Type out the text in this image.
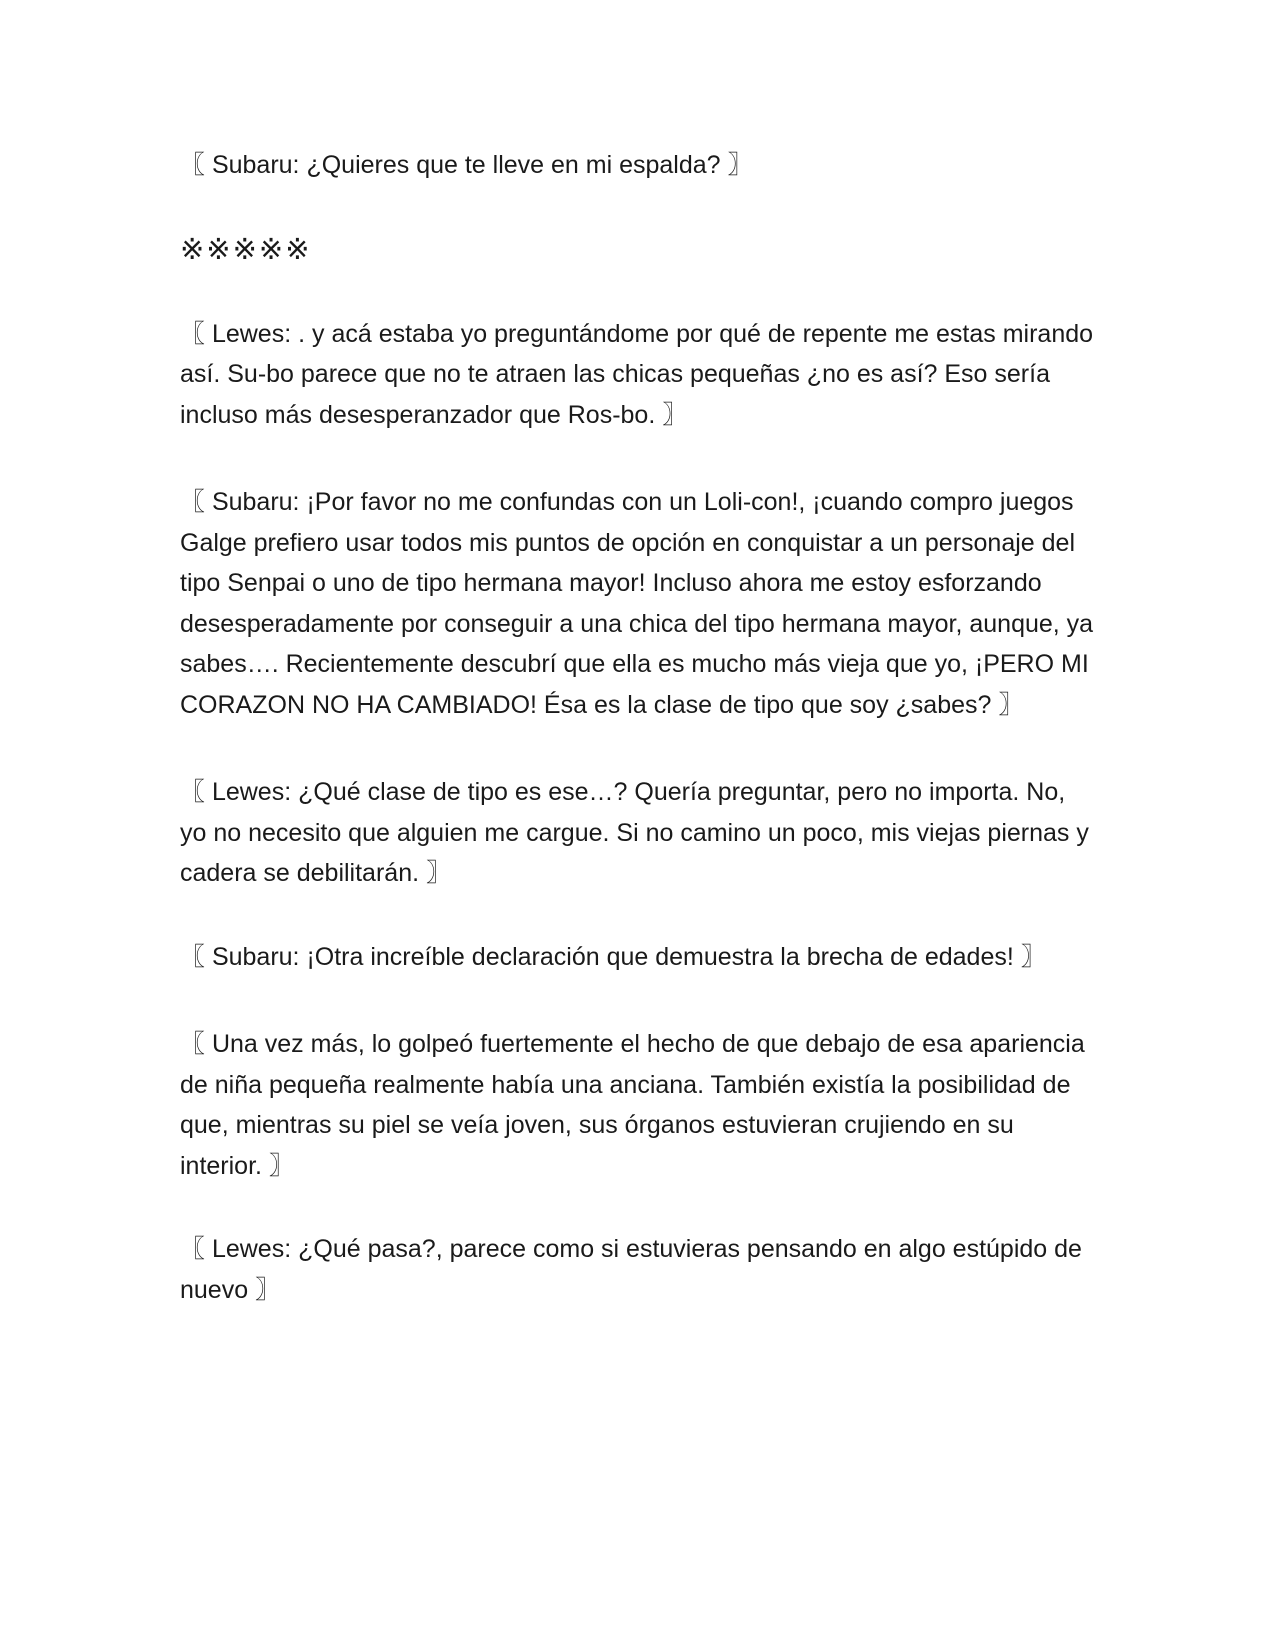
〖 Subaru: ¿Quieres que te lleve en mi espalda? 〗

※※※※※

〖 Lewes: . y acá estaba yo preguntándome por qué de repente me estas mirando así. Su-bo parece que no te atraen las chicas pequeñas ¿no es así? Eso sería incluso más desesperanzador que Ros-bo. 〗

〖 Subaru: ¡Por favor no me confundas con un Loli-con!, ¡cuando compro juegos Galge prefiero usar todos mis puntos de opción en conquistar a un personaje del tipo Senpai o uno de tipo hermana mayor! Incluso ahora me estoy esforzando desesperadamente por conseguir a una chica del tipo hermana mayor, aunque, ya sabes…. Recientemente descubrí que ella es mucho más vieja que yo, ¡PERO MI CORAZON NO HA CAMBIADO! Ésa es la clase de tipo que soy ¿sabes? 〗

〖 Lewes: ¿Qué clase de tipo es ese…? Quería preguntar, pero no importa. No, yo no necesito que alguien me cargue. Si no camino un poco, mis viejas piernas y cadera se debilitarán. 〗

〖 Subaru: ¡Otra increíble declaración que demuestra la brecha de edades! 〗

〖 Una vez más, lo golpeó fuertemente el hecho de que debajo de esa apariencia de niña pequeña realmente había una anciana. También existía la posibilidad de que, mientras su piel se veía joven, sus órganos estuvieran crujiendo en su interior. 〗

〖 Lewes: ¿Qué pasa?, parece como si estuvieras pensando en algo estúpido de nuevo 〗
